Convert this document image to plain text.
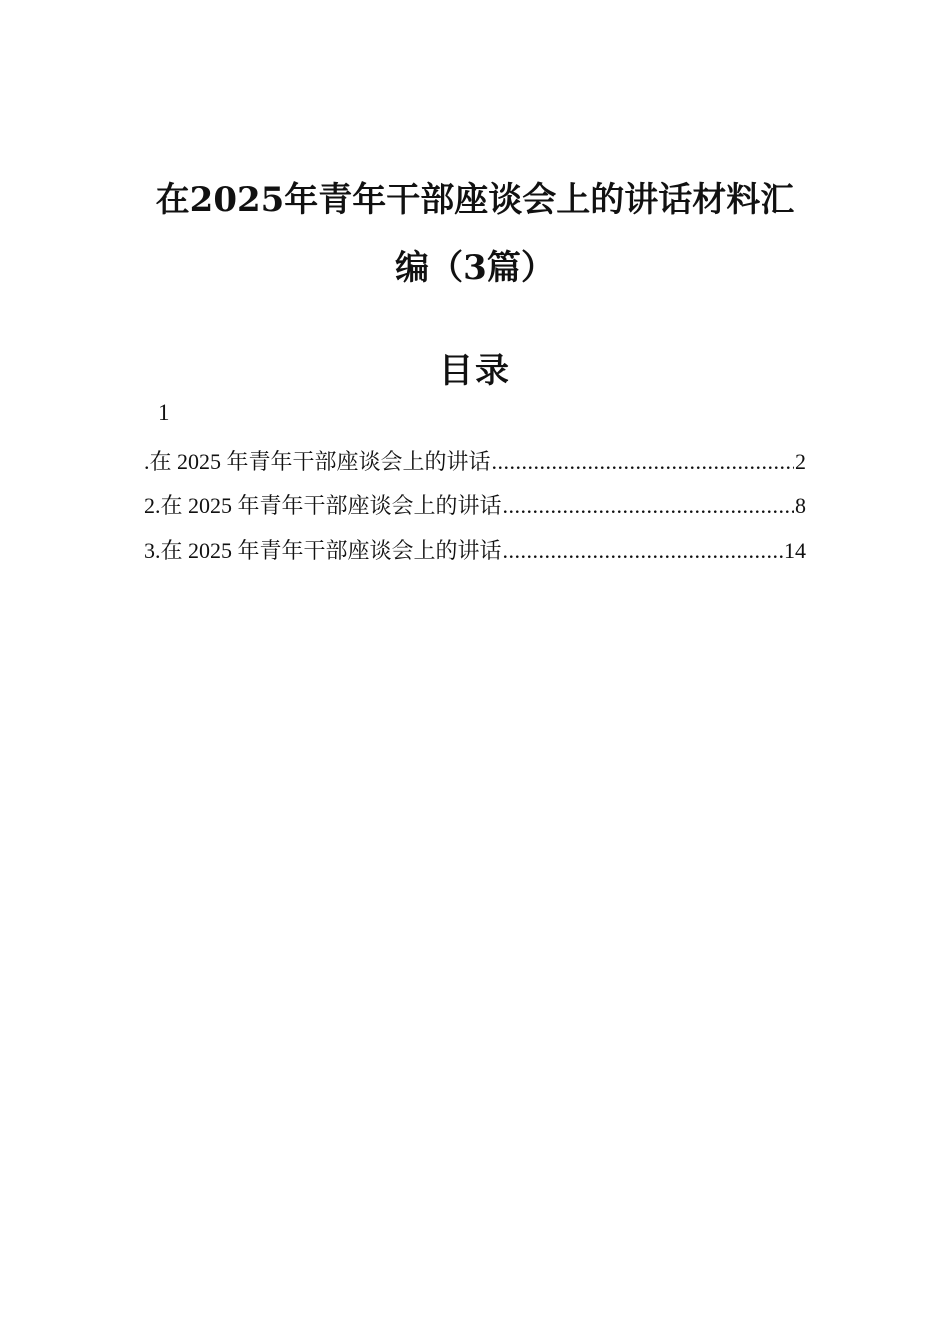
在2025年青年干部座谈会上的讲话材料汇
编（3篇）
目录
1
.在 2025 年青年干部座谈会上的讲话 .....	2
2.在 2025 年青年干部座谈会上的讲话 .....	8
3.在 2025 年青年干部座谈会上的讲话 .....	14
